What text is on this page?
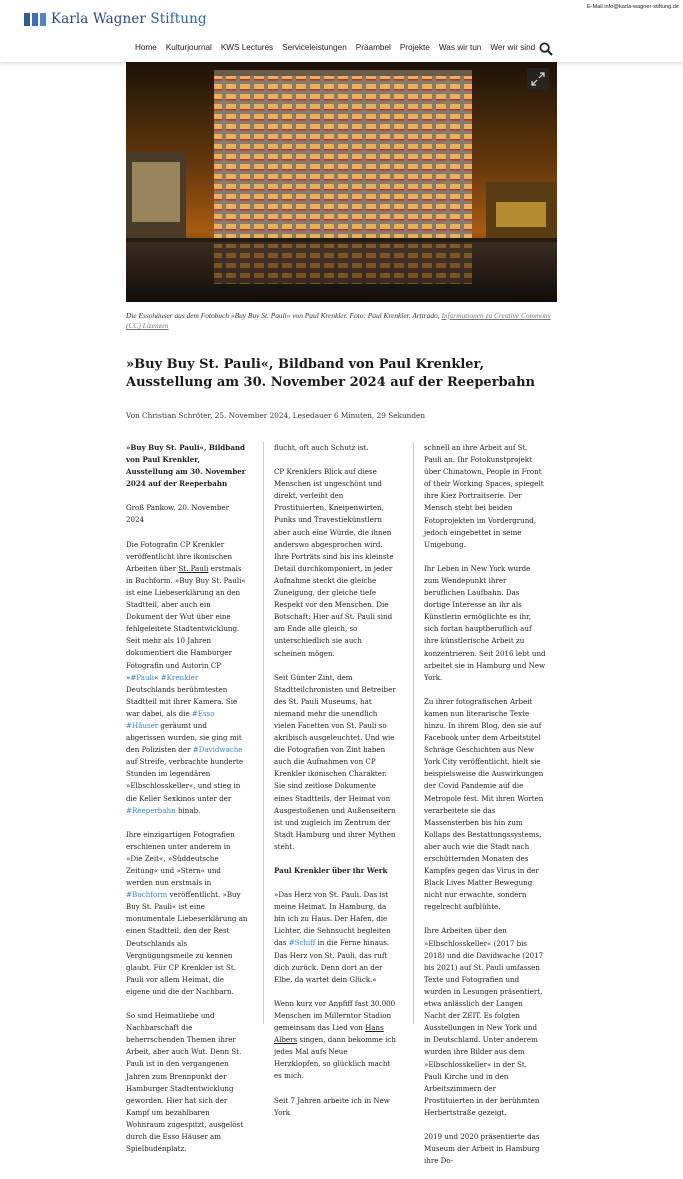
Karla Wagner Stiftung
E-Mail info@karla-wagner-stiftung.de
Home Kulturjournal KWS Lectures Serviceleistungen Präambel Projekte Was wir tun Wer wir sind
Die Essohäuser aus dem Fotobuch »Buy Buy St. Pauli« von Paul Krenkler. Foto: Paul Krenkler, Arttrado, Informationen zu Creative Commons (CC) Lizenzen
»Buy Buy St. Pauli«, Bildband von Paul Krenkler, Ausstellung am 30. November 2024 auf der Reeperbahn
Von Christian Schröter, 25. November 2024, Lesedauer 6 Minuten, 29 Sekunden

»Buy Buy St. Pauli«, Bildband von Paul Krenkler, Ausstellung am 30. November 2024 auf der Reeperbahn

Groß Pankow, 20. November 2024

Die Fotografin CP Krenkler veröffentlicht ihre ikonischen Arbeiten über St. Pauli erstmals in Buchform. »Buy Buy St. Pauli« ist eine Liebeserklärung an den Stadtteil, aber auch ein Dokument der Wut über eine fehlgeleitete Stadtentwicklung. Seit mehr als 10 Jahren dokumentiert die Hamburger Fotografin und Autorin CP »#Pauli« #Krenkler Deutschlands berühmtesten Stadtteil mit ihrer Kamera. Sie war dabei, als die #Esso #Häuser geräumt und abgerissen wurden, sie ging mit den Polizisten der #Davidwache auf Streife, verbrachte hunderte Stunden im legendären »Elbschlosskeller«, und stieg in die Keller Sexkinos unter der #Reeperbahn hinab.

Ihre einzigartigen Fotografien erschienen unter anderem in »Die Zeit«, »Süddeutsche Zeitung« und »Stern« und werden nun erstmals in #Buchform veröffentlicht. »Buy Buy St. Pauli« ist eine monumentale Liebeserklärung an einen Stadtteil, den der Rest Deutschlands als Vergnügungsmeile zu kennen glaubt. Für CP Krenkler ist St. Pauli vor allem Heimat, die eigene und die der Nachbarn.

So sind Heimatliebe und Nachbarschaft die beherrschenden Themen ihrer Arbeit, aber auch Wut. Denn St. Pauli ist in den vergangenen Jahren zum Brennpunkt der Hamburger Stadtentwicklung geworden. Hier hat sich der Kampf um bezahlbaren Wohnraum zugespitzt, ausgelöst durch die Esso Häuser am Spielbudenplatz.

flucht, oft auch Schutz ist.

CP Krenklers Blick auf diese Menschen ist ungeschönt und direkt, verleiht den Prostituierten, Kneipenwirten, Punks und Travestiekünstlern aber auch eine Würde, die ihnen anderswo abgesprochen wird. Ihre Porträts sind bis ins kleinste Detail durchkomponiert, in jeder Aufnahme steckt die gleiche Zuneigung, der gleiche tiefe Respekt vor den Menschen. Die Botschaft: Hier auf St. Pauli sind am Ende alle gleich, so unterschiedlich sie auch scheinen mögen.

Seit Günter Zint, dem Stadtteilchronisten und Betreiber des St. Pauli Museums, hat niemand mehr die unendlich vielen Facetten von St. Pauli so akribisch ausgeleuchtet. Und wie die Fotografien von Zint haben auch die Aufnahmen von CP Krenkler ikonischen Charakter. Sie sind zeitlose Dokumente eines Stadtteils, der Heimat von Ausgestoßenen und Außenseitern ist und zugleich im Zentrum der Stadt Hamburg und ihrer Mythen steht.

Paul Krenkler über ihr Werk

»Das Herz von St. Pauli. Das ist meine Heimat. In Hamburg, da bin ich zu Haus. Der Hafen, die Lichter, die Sehnsucht begleiten das #Schiff in die Ferne hinaus. Das Herz von St. Pauli, das ruft dich zurück. Denn dort an der Elbe, da wartet dein Glück.«

Wenn kurz vor Anpfiff fast 30.000 Menschen im Millerntor Stadion gemeinsam das Lied von Hans Albers singen, dann bekomme ich jedes Mal aufs Neue Herzklopfen, so glücklich macht es mich.

Seit 7 Jahren arbeite ich in New York

schnell an ihre Arbeit auf St. Pauli an. Ihr Fotokunstprojekt über Chinatown, People in Front of their Working Spaces, spiegelt ihre Kiez Portraitserie. Der Mensch steht bei beiden Fotoprojekten im Vordergrund, jedoch eingebettet in seine Umgebung.

Ihr Leben in New York wurde zum Wendepunkt ihrer beruflichen Laufbahn. Das dortige Interesse an ihr als Künstlerin ermöglichte es ihr, sich fortan hauptberuflich auf ihre künstlerische Arbeit zu konzentrieren. Seit 2016 lebt und arbeitet sie in Hamburg und New York.

Zu ihrer fotografischen Arbeit kamen nun literarische Texte hinzu. In ihrem Blog, den sie auf Facebook unter dem Arbeitstitel Schräge Geschichten aus New York City veröffentlicht, hielt sie beispielsweise die Auswirkungen der Covid Pandemie auf die Metropole fest. Mit ihren Worten verarbeitete sie das Massensterben bis hin zum Kollaps des Bestattungssystems, aber auch wie die Stadt nach erschütternden Monaten des Kampfes gegen das Virus in der Black Lives Matter Bewegung nicht nur erwachte, sondern regelrecht aufblühte.

Ihre Arbeiten über den »Elbschlosskeller« (2017 bis 2018) und die Davidwache (2017 bis 2021) auf St. Pauli umfassen Texte und Fotografien und wurden in Lesungen präsentiert, etwa anlässlich der Langen Nacht der ZEIT. Es folgten Ausstellungen in New York und in Deutschland. Unter anderem wurden ihre Bilder aus dem »Elbschlosskeller« in der St. Pauli Kirche und in den Arbeitszimmern der Prostituierten in der berühmten Herbertstraße gezeigt.

2019 und 2020 präsentierte das Museum der Arbeit in Hamburg ihre Do-
